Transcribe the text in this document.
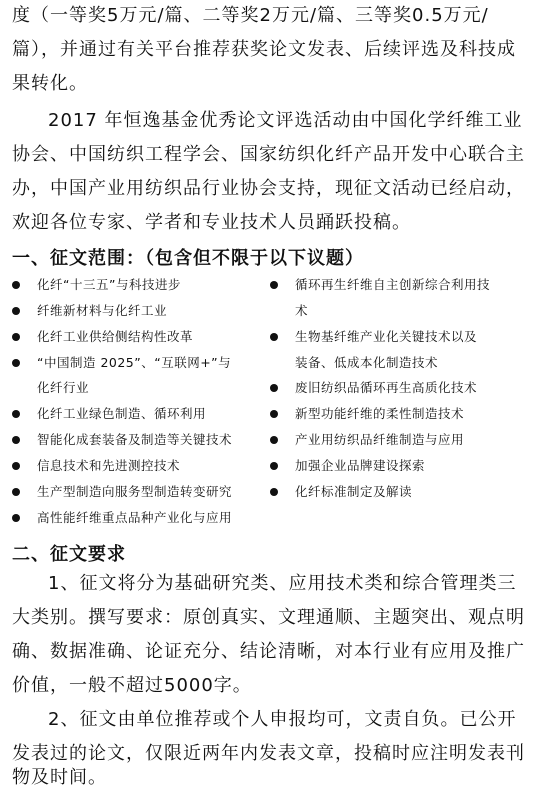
度（一等奖5万元/篇、二等奖2万元/篇、三等奖0.5万元/
篇），并通过有关平台推荐获奖论文发表、后续评选及科技成
果转化。
2017 年恒逸基金优秀论文评选活动由中国化学纤维工业
协会、中国纺织工程学会、国家纺织化纤产品开发中心联合主
办，中国产业用纺织品行业协会支持，现征文活动已经启动，
欢迎各位专家、学者和专业技术人员踊跃投稿。
一、征文范围：（包含但不限于以下议题）
化纤“十三五”与科技进步
纤维新材料与化纤工业
化纤工业供给侧结构性改革
“中国制造 2025”、“互联网+”与
化纤行业
化纤工业绿色制造、循环利用
智能化成套装备及制造等关键技术
信息技术和先进测控技术
生产型制造向服务型制造转变研究
高性能纤维重点品种产业化与应用
循环再生纤维自主创新综合利用技
术
生物基纤维产业化关键技术以及
装备、低成本化制造技术
废旧纺织品循环再生高质化技术
新型功能纤维的柔性制造技术
产业用纺织品纤维制造与应用
加强企业品牌建设探索
化纤标准制定及解读
二、征文要求
1、征文将分为基础研究类、应用技术类和综合管理类三
大类别。撰写要求：原创真实、文理通顺、主题突出、观点明
确、数据准确、论证充分、结论清晰，对本行业有应用及推广
价值，一般不超过5000字。
2、征文由单位推荐或个人申报均可，文责自负。已公开
发表过的论文，仅限近两年内发表文章，投稿时应注明发表刊
物及时间。
